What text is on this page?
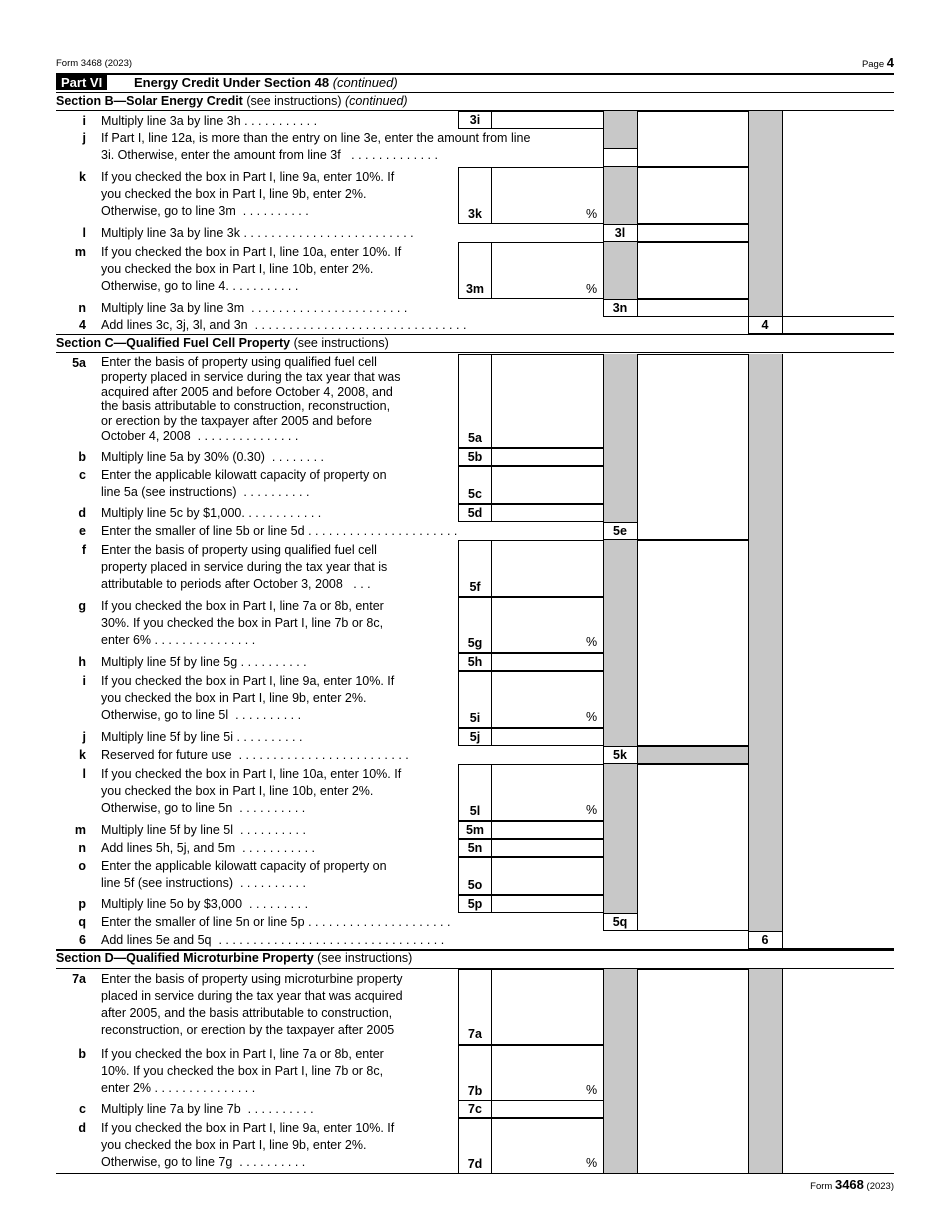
Form 3468 (2023)	Page 4
Part VI	Energy Credit Under Section 48 (continued)
Section B—Solar Energy Credit (see instructions) (continued)
i Multiply line 3a by line 3h . . . . . . . . . . .	3i
j If Part I, line 12a, is more than the entry on line 3e, enter the amount from line
3i. Otherwise, enter the amount from line 3f   . . . . . . . . . . . . .
k If you checked the box in Part I, line 9a, enter 10%. If
you checked the box in Part I, line 9b, enter 2%.
Otherwise, go to line 3m  . . . . . . . . . .	3k	%
l Multiply line 3a by line 3k . . . . . . . . . . . . . . . . . . . . . . . . .	3l
m If you checked the box in Part I, line 10a, enter 10%. If
you checked the box in Part I, line 10b, enter 2%.
Otherwise, go to line 4. . . . . . . . . . .	3m	%
n Multiply line 3a by line 3m  . . . . . . . . . . . . . . . . . . . . . . .	3n
4 Add lines 3c, 3j, 3l, and 3n  . . . . . . . . . . . . . . . . . . . . . . . . . . . . . . .	4
Section C—Qualified Fuel Cell Property (see instructions)
5a Enter the basis of property using qualified fuel cell
property placed in service during the tax year that was
acquired after 2005 and before October 4, 2008, and
the basis attributable to construction, reconstruction,
or erection by the taxpayer after 2005 and before
October 4, 2008  . . . . . . . . . . . . . . .	5a
b Multiply line 5a by 30% (0.30)  . . . . . . . .	5b
c Enter the applicable kilowatt capacity of property on
line 5a (see instructions)  . . . . . . . . . .	5c
d Multiply line 5c by $1,000. . . . . . . . . . . .	5d
e Enter the smaller of line 5b or line 5d . . . . . . . . . . . . . . . . . . . . . .	5e
f Enter the basis of property using qualified fuel cell
property placed in service during the tax year that is
attributable to periods after October 3, 2008   . . .	5f
g If you checked the box in Part I, line 7a or 8b, enter
30%. If you checked the box in Part I, line 7b or 8c,
enter 6% . . . . . . . . . . . . . . .	5g	%
h Multiply line 5f by line 5g . . . . . . . . . .	5h
i If you checked the box in Part I, line 9a, enter 10%. If
you checked the box in Part I, line 9b, enter 2%.
Otherwise, go to line 5l  . . . . . . . . . .	5i	%
j Multiply line 5f by line 5i . . . . . . . . . .	5j
k Reserved for future use  . . . . . . . . . . . . . . . . . . . . . . . . .	5k
l If you checked the box in Part I, line 10a, enter 10%. If
you checked the box in Part I, line 10b, enter 2%.
Otherwise, go to line 5n  . . . . . . . . . .	5l	%
m Multiply line 5f by line 5l  . . . . . . . . . .	5m
n Add lines 5h, 5j, and 5m  . . . . . . . . . . .	5n
o Enter the applicable kilowatt capacity of property on
line 5f (see instructions)  . . . . . . . . . .	5o
p Multiply line 5o by $3,000  . . . . . . . . .	5p
q Enter the smaller of line 5n or line 5p . . . . . . . . . . . . . . . . . . . . .	5q
6 Add lines 5e and 5q  . . . . . . . . . . . . . . . . . . . . . . . . . . . . . . . . .	6
Section D—Qualified Microturbine Property (see instructions)
7a Enter the basis of property using microturbine property
placed in service during the tax year that was acquired
after 2005, and the basis attributable to construction,
reconstruction, or erection by the taxpayer after 2005	7a
b If you checked the box in Part I, line 7a or 8b, enter
10%. If you checked the box in Part I, line 7b or 8c,
enter 2% . . . . . . . . . . . . . . .	7b	%
c Multiply line 7a by line 7b  . . . . . . . . . .	7c
d If you checked the box in Part I, line 9a, enter 10%. If
you checked the box in Part I, line 9b, enter 2%.
Otherwise, go to line 7g  . . . . . . . . . .	7d	%
Form 3468 (2023)
